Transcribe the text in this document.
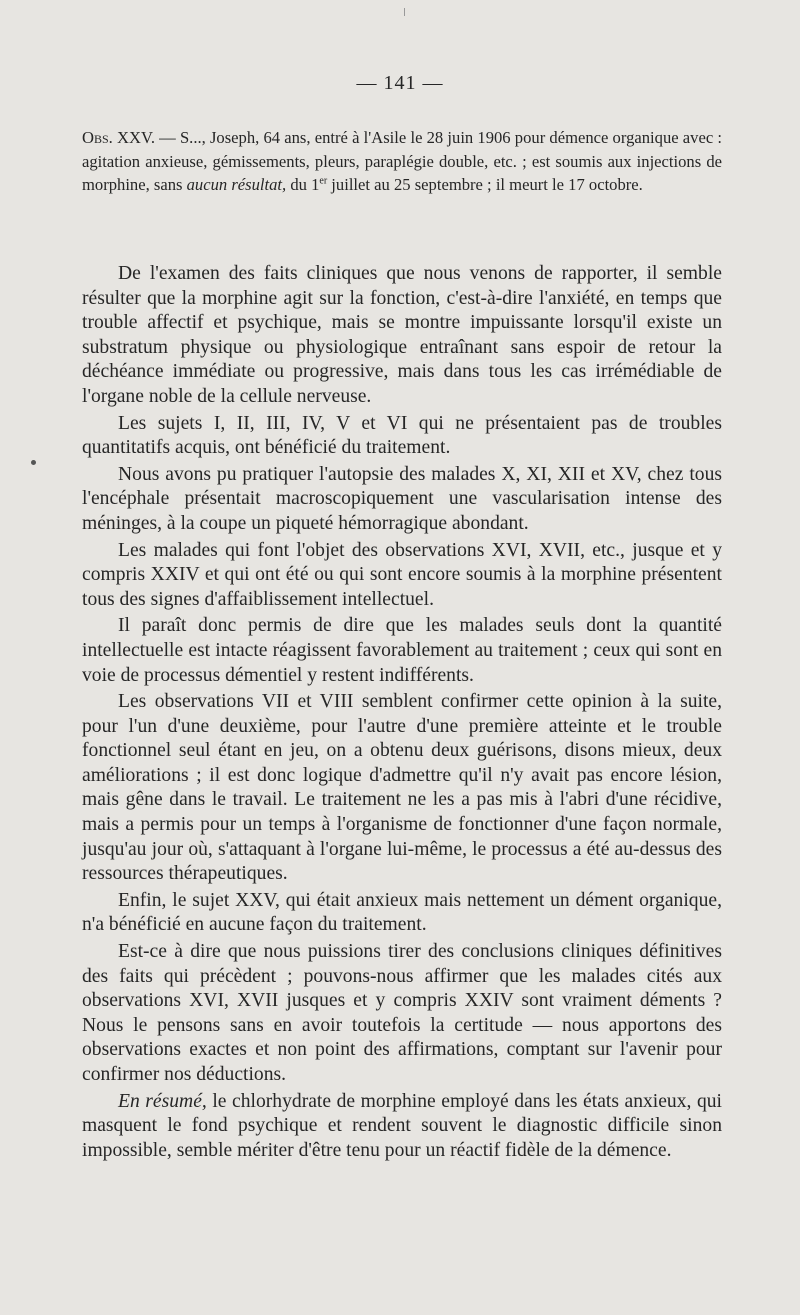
— 141 —
Obs. XXV. — S..., Joseph, 64 ans, entré à l'Asile le 28 juin 1906 pour démence organique avec : agitation anxieuse, gémissements, pleurs, paraplégie double, etc. ; est soumis aux injections de morphine, sans aucun résultat, du 1er juillet au 25 septembre ; il meurt le 17 octobre.

De l'examen des faits cliniques que nous venons de rapporter, il semble résulter que la morphine agit sur la fonction, c'est-à-dire l'anxiété, en temps que trouble affectif et psychique, mais se montre impuissante lorsqu'il existe un substratum physique ou physiologique entraînant sans espoir de retour la déchéance immédiate ou progressive, mais dans tous les cas irrémédiable de l'organe noble de la cellule nerveuse.

Les sujets I, II, III, IV, V et VI qui ne présentaient pas de troubles quantitatifs acquis, ont bénéficié du traitement.

Nous avons pu pratiquer l'autopsie des malades X, XI, XII et XV, chez tous l'encéphale présentait macroscopiquement une vascularisation intense des méninges, à la coupe un piqueté hémorragique abondant.

Les malades qui font l'objet des observations XVI, XVII, etc., jusque et y compris XXIV et qui ont été ou qui sont encore soumis à la morphine présentent tous des signes d'affaiblissement intellectuel.

Il paraît donc permis de dire que les malades seuls dont la quantité intellectuelle est intacte réagissent favorablement au traitement ; ceux qui sont en voie de processus démentiel y restent indifférents.

Les observations VII et VIII semblent confirmer cette opinion à la suite, pour l'un d'une deuxième, pour l'autre d'une première atteinte et le trouble fonctionnel seul étant en jeu, on a obtenu deux guérisons, disons mieux, deux améliorations ; il est donc logique d'admettre qu'il n'y avait pas encore lésion, mais gêne dans le travail. Le traitement ne les a pas mis à l'abri d'une récidive, mais a permis pour un temps à l'organisme de fonctionner d'une façon normale, jusqu'au jour où, s'attaquant à l'organe lui-même, le processus a été au-dessus des ressources thérapeutiques.

Enfin, le sujet XXV, qui était anxieux mais nettement un dément organique, n'a bénéficié en aucune façon du traitement.

Est-ce à dire que nous puissions tirer des conclusions cliniques définitives des faits qui précèdent ; pouvons-nous affirmer que les malades cités aux observations XVI, XVII jusques et y compris XXIV sont vraiment déments ? Nous le pensons sans en avoir toutefois la certitude — nous apportons des observations exactes et non point des affirmations, comptant sur l'avenir pour confirmer nos déductions.

En résumé, le chlorhydrate de morphine employé dans les états anxieux, qui masquent le fond psychique et rendent souvent le diagnostic difficile sinon impossible, semble mériter d'être tenu pour un réactif fidèle de la démence.
